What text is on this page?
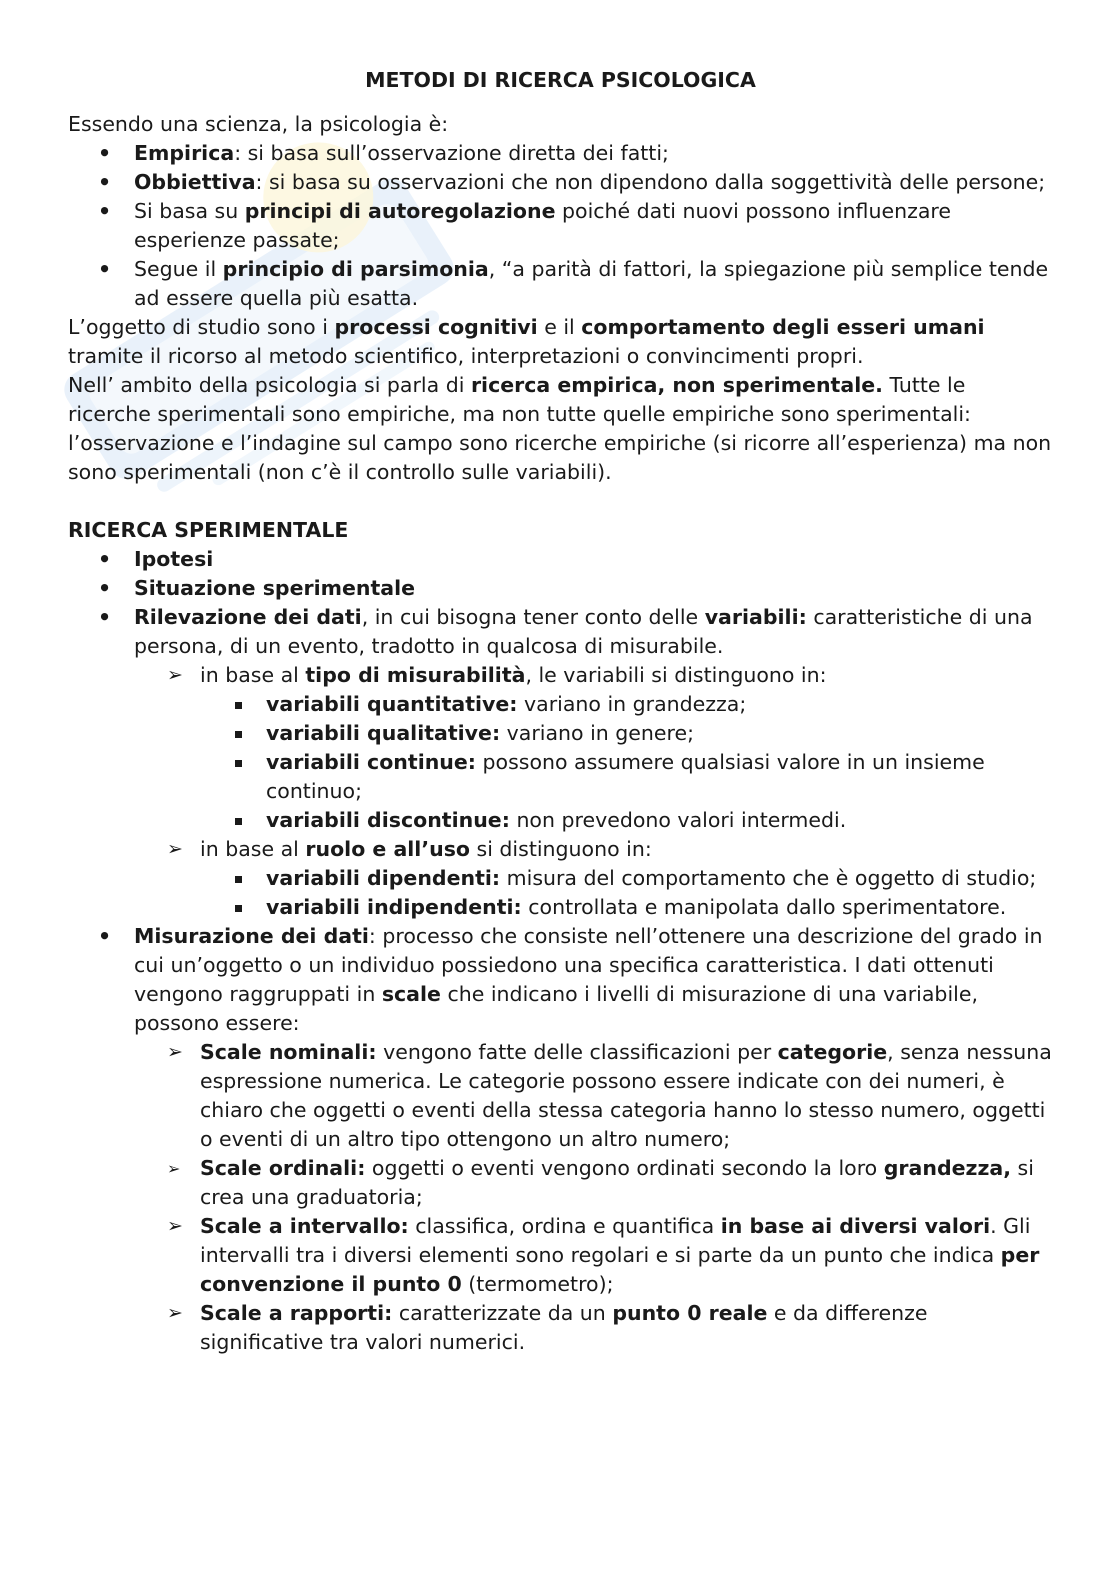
METODI DI RICERCA PSICOLOGICA

Essendo una scienza, la psicologia è:

• Empirica: si basa sull’osservazione diretta dei fatti;
• Obbiettiva: si basa su osservazioni che non dipendono dalla soggettività delle persone;
• Si basa su principi di autoregolazione poiché dati nuovi possono influenzare esperienze passate;
• Segue il principio di parsimonia, “a parità di fattori, la spiegazione più semplice tende ad essere quella più esatta.

L’oggetto di studio sono i processi cognitivi e il comportamento degli esseri umani tramite il ricorso al metodo scientifico, interpretazioni o convincimenti propri.

Nell’ ambito della psicologia si parla di ricerca empirica, non sperimentale. Tutte le ricerche sperimentali sono empiriche, ma non tutte quelle empiriche sono sperimentali: l’osservazione e l’indagine sul campo sono ricerche empiriche (si ricorre all’esperienza) ma non sono sperimentali (non c’è il controllo sulle variabili).

RICERCA SPERIMENTALE

• Ipotesi
• Situazione sperimentale
• Rilevazione dei dati, in cui bisogna tener conto delle variabili: caratteristiche di una persona, di un evento, tradotto in qualcosa di misurabile.
➢ in base al tipo di misurabilità, le variabili si distinguono in:
variabili quantitative: variano in grandezza;
variabili qualitative: variano in genere;
variabili continue: possono assumere qualsiasi valore in un insieme continuo;
variabili discontinue: non prevedono valori intermedi.
➢ in base al ruolo e all’uso si distinguono in:
variabili dipendenti: misura del comportamento che è oggetto di studio;
variabili indipendenti: controllata e manipolata dallo sperimentatore.
• Misurazione dei dati: processo che consiste nell’ottenere una descrizione del grado in cui un’oggetto o un individuo possiedono una specifica caratteristica. I dati ottenuti vengono raggruppati in scale che indicano i livelli di misurazione di una variabile, possono essere:
➢ Scale nominali: vengono fatte delle classificazioni per categorie, senza nessuna espressione numerica. Le categorie possono essere indicate con dei numeri, è chiaro che oggetti o eventi della stessa categoria hanno lo stesso numero, oggetti o eventi di un altro tipo ottengono un altro numero;
➢ Scale ordinali: oggetti o eventi vengono ordinati secondo la loro grandezza, si crea una graduatoria;
➢ Scale a intervallo: classifica, ordina e quantifica in base ai diversi valori. Gli intervalli tra i diversi elementi sono regolari e si parte da un punto che indica per convenzione il punto 0 (termometro);
➢ Scale a rapporti: caratterizzate da un punto 0 reale e da differenze significative tra valori numerici.
